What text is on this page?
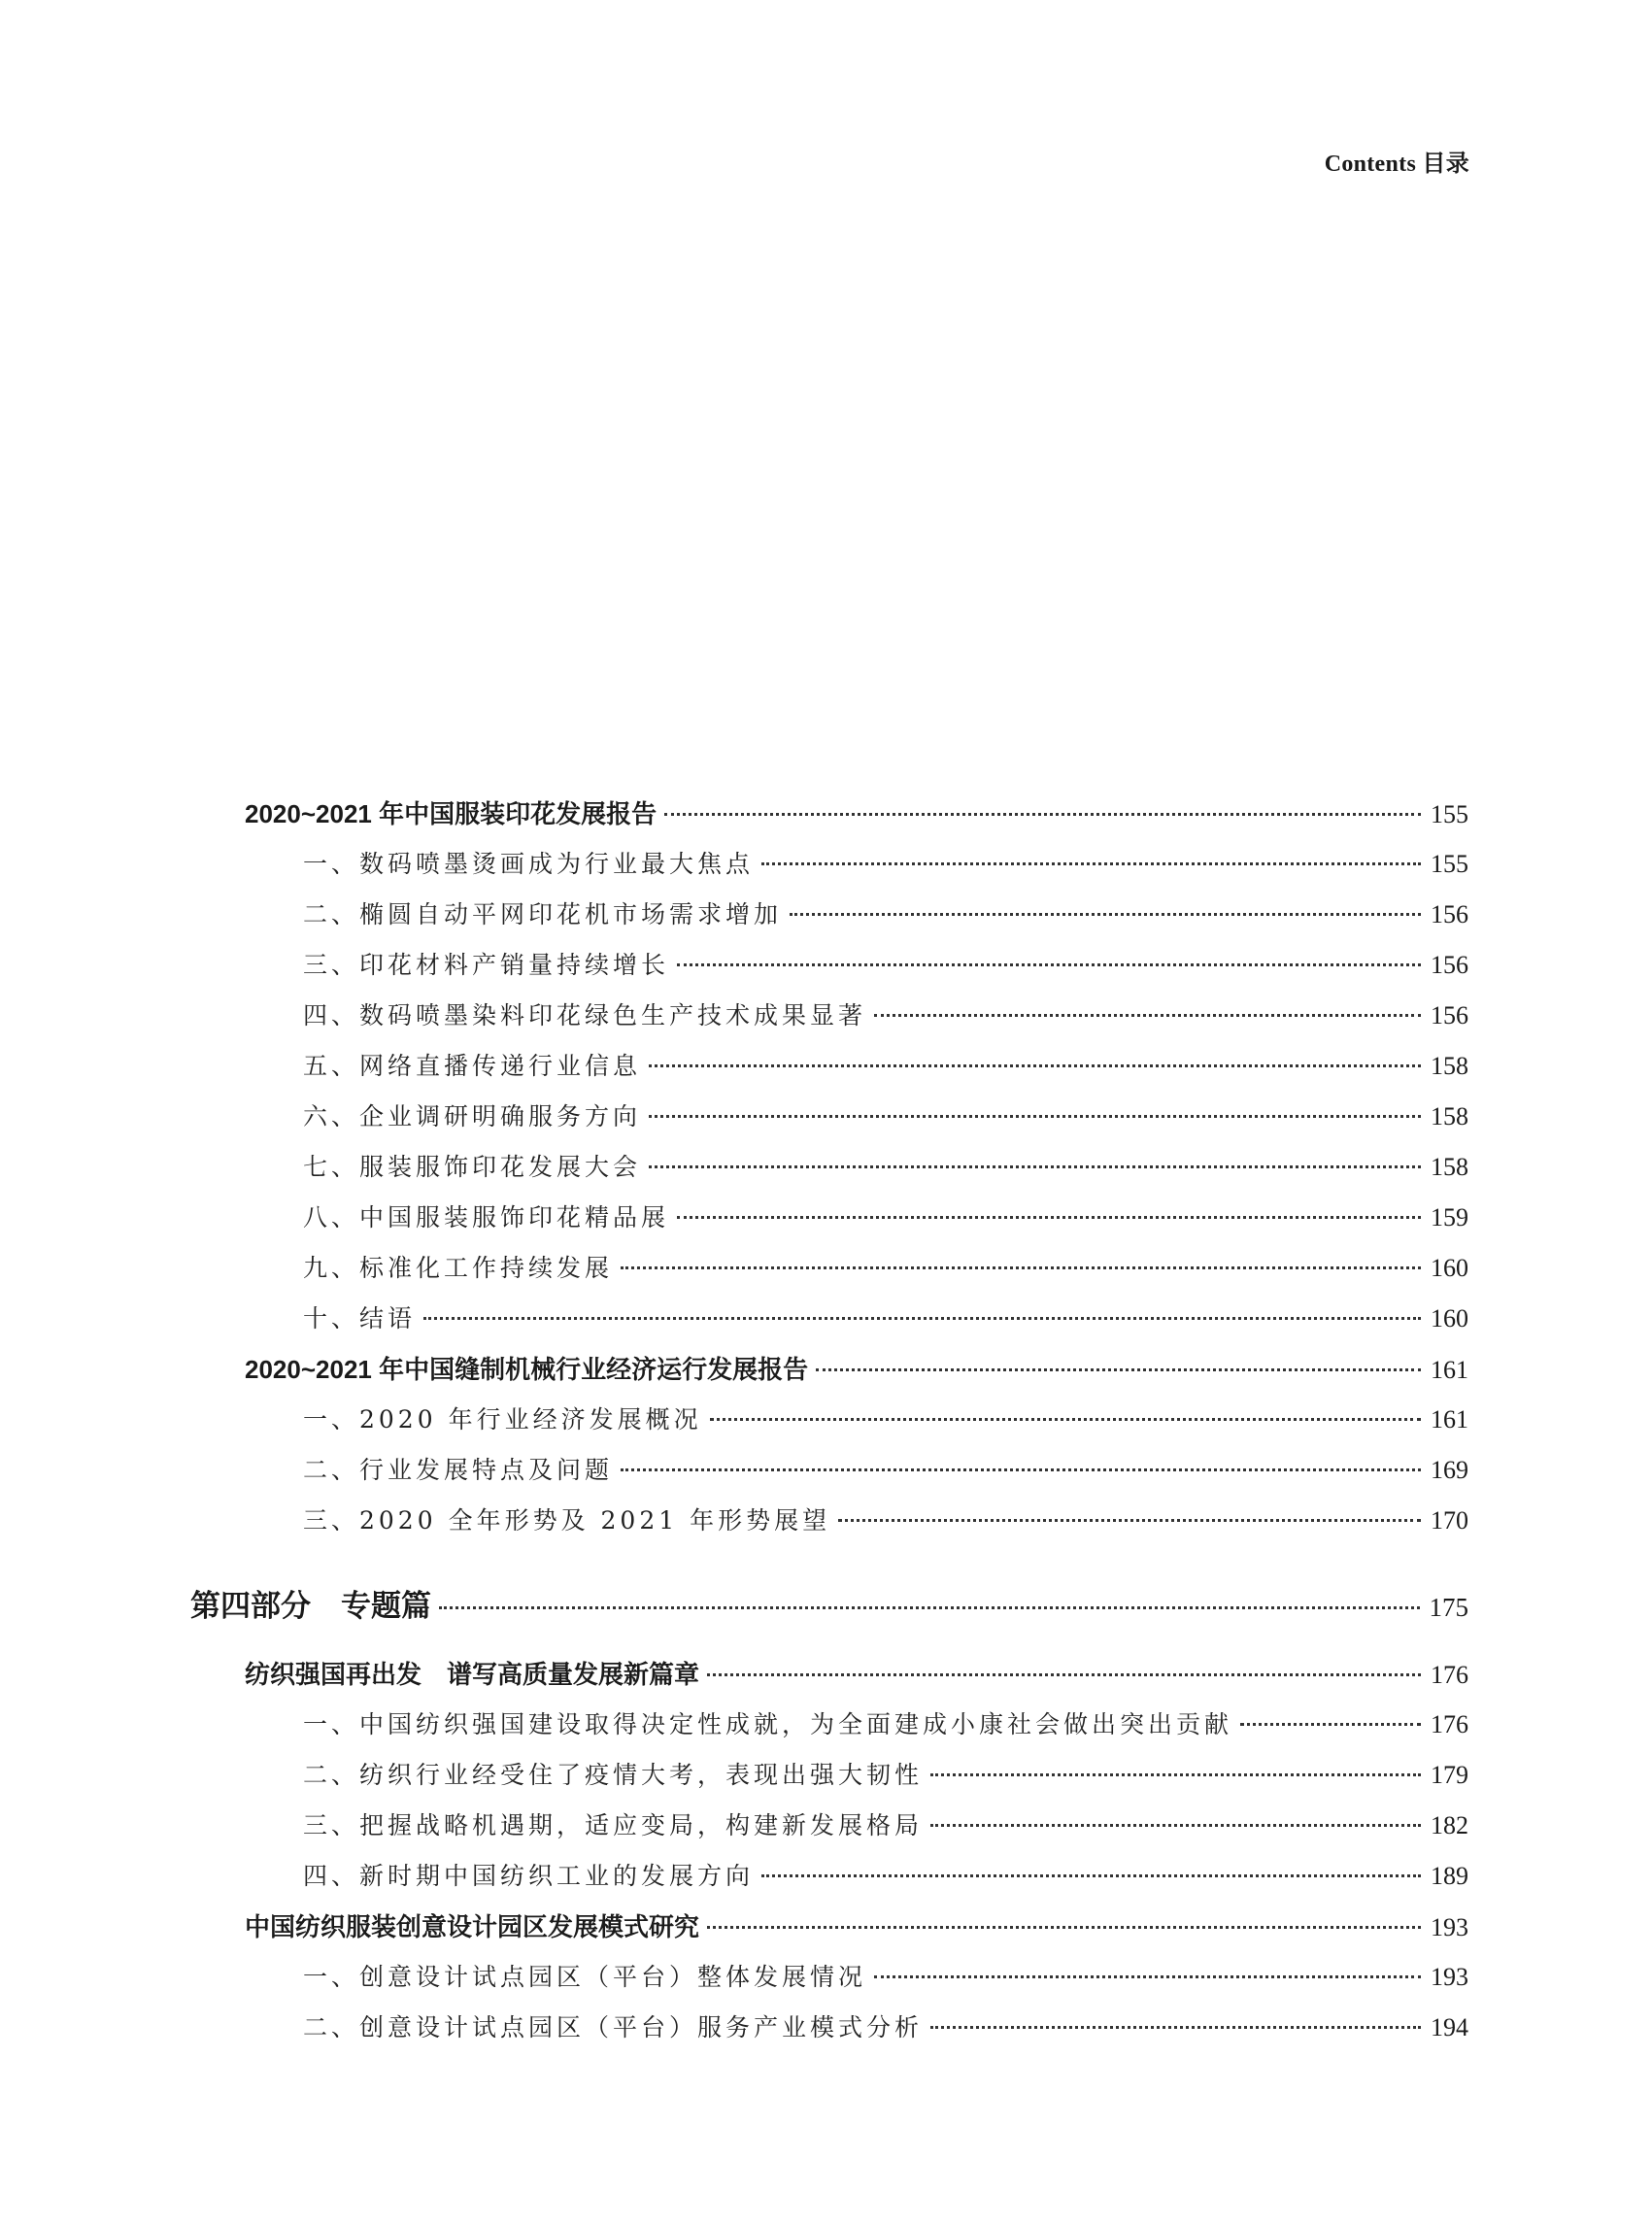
Contents 目录
2020~2021 年中国服装印花发展报告	155
一、数码喷墨烫画成为行业最大焦点	155
二、椭圆自动平网印花机市场需求增加	156
三、印花材料产销量持续增长	156
四、数码喷墨染料印花绿色生产技术成果显著	156
五、网络直播传递行业信息	158
六、企业调研明确服务方向	158
七、服装服饰印花发展大会	158
八、中国服装服饰印花精品展	159
九、标准化工作持续发展	160
十、结语	160
2020~2021 年中国缝制机械行业经济运行发展报告	161
一、2020 年行业经济发展概况	161
二、行业发展特点及问题	169
三、2020 全年形势及 2021 年形势展望	170
第四部分　专题篇	175
纺织强国再出发　谱写高质量发展新篇章	176
一、中国纺织强国建设取得决定性成就，为全面建成小康社会做出突出贡献	176
二、纺织行业经受住了疫情大考，表现出强大韧性	179
三、把握战略机遇期，适应变局，构建新发展格局	182
四、新时期中国纺织工业的发展方向	189
中国纺织服装创意设计园区发展模式研究	193
一、创意设计试点园区（平台）整体发展情况	193
二、创意设计试点园区（平台）服务产业模式分析	194
